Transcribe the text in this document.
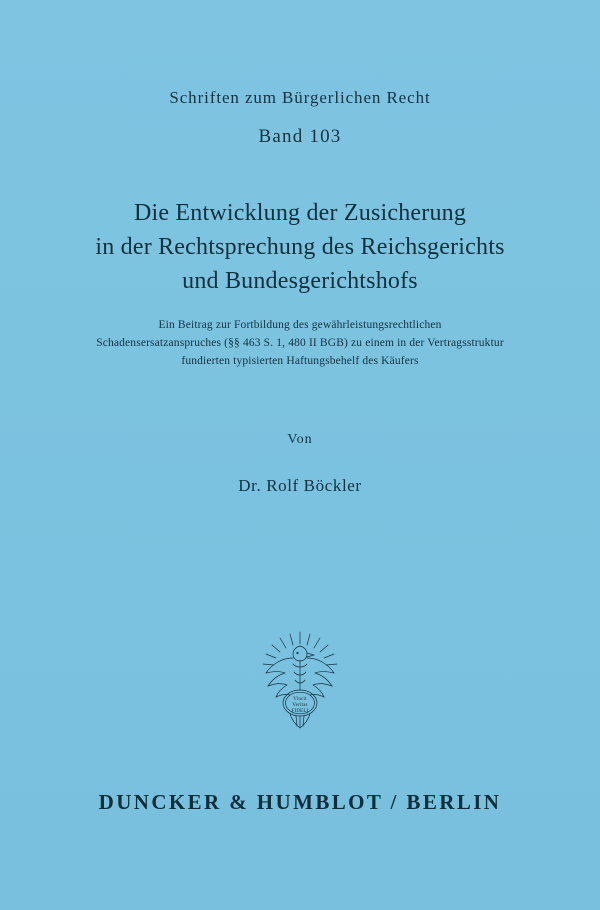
Schriften zum Bürgerlichen Recht
Band 103
Die Entwicklung der Zusicherung
in der Rechtsprechung des Reichsgerichts
und Bundesgerichtshofs
Ein Beitrag zur Fortbildung des gewährleistungsrechtlichen
Schadensersatzanspruches (§§ 463 S. 1, 480 II BGB) zu einem in der Vertragsstruktur
fundierten typisierten Haftungsbehelf des Käufers
Von
Dr. Rolf Böckler
Vincit
Veritas
FIDELI
DUNCKER & HUMBLOT / BERLIN
